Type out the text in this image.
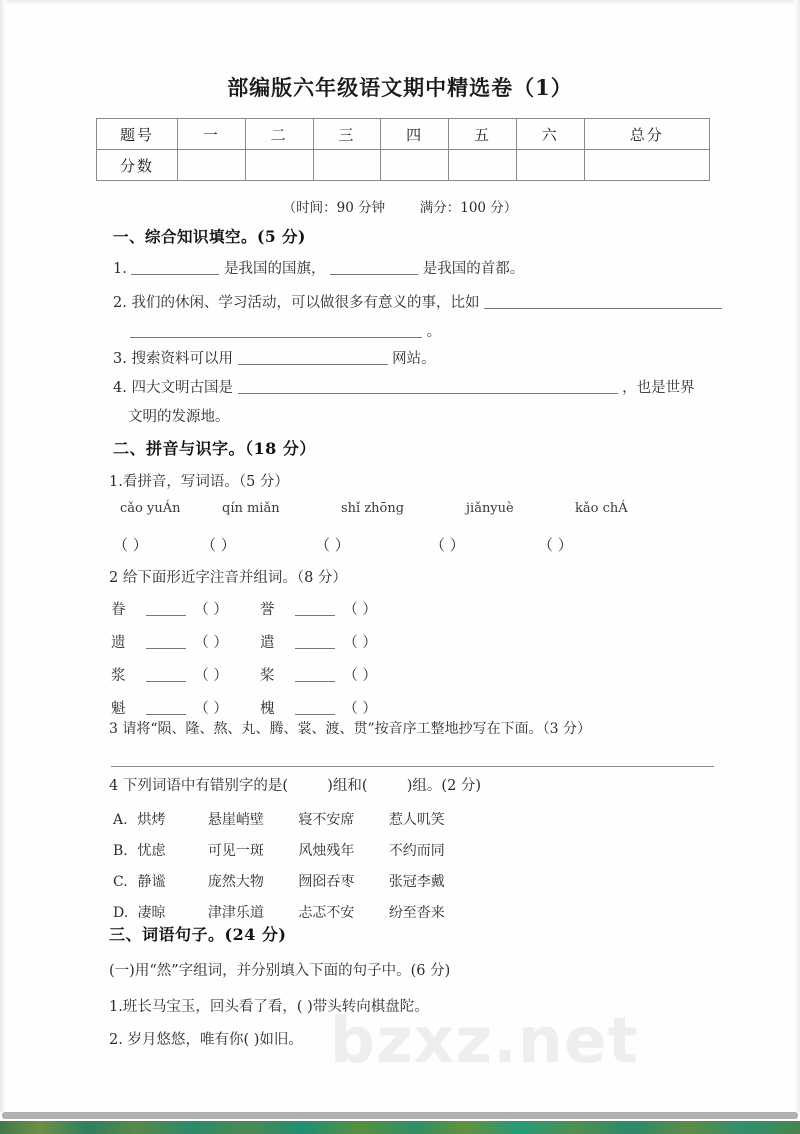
bzxz.net
部编版六年级语文期中精选卷（1）
题号	一	二	三	四	五	六	总分
分数							
（时间：90 分钟	满分：100 分）
一、综合知识填空。(5 分)
1.	是我国的国旗，	是我国的首都。
2. 我们的休闲、学习活动，可以做很多有意义的事，比如
。
3. 搜索资料可以用	网站。
4. 四大文明古国是	，也是世界
文明的发源地。
二、拼音与识字。（18 分）
1.看拼音，写词语。（5 分）
cǎo yuÁn	qín miǎn	shǐ zhōng	jiǎnyuè	kǎo chÁ
（ ）	（ ）	（ ）	（ ）	（ ）
2 给下面形近字注音并组词。（8 分）
眷	（ ）	誉	（ ）
遗	（ ）	遣	（ ）
浆	（ ）	桨	（ ）
魁	（ ）	槐	（ ）
3 请将“陨、隆、熬、丸、腾、裳、渡、贯”按音序工整地抄写在下面。（3 分）
4 下列词语中有错别字的是(	)组和(	)组。(2 分)
A. 烘烤	悬崖峭壁 寝不安席 惹人叽笑
B. 忧虑	可见一斑 风烛残年 不约而同
C. 静谧	庞然大物 囫囵吞枣 张冠李戴
D. 凄晾	津津乐道 忐忑不安 纷至沓来
三、词语句子。(24 分)
(一)用“然”字组词，并分别填入下面的句子中。(6 分)
1.班长马宝玉，回头看了看，( )带头转向棋盘陀。
2. 岁月悠悠，唯有你( )如旧。
